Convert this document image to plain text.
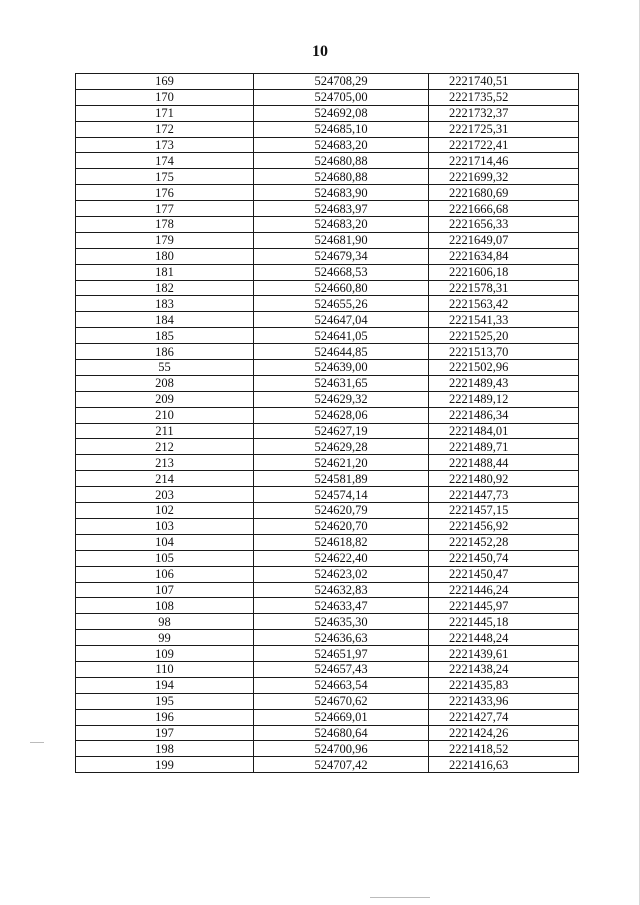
10
169	524708,29	2221740,51
170	524705,00	2221735,52
171	524692,08	2221732,37
172	524685,10	2221725,31
173	524683,20	2221722,41
174	524680,88	2221714,46
175	524680,88	2221699,32
176	524683,90	2221680,69
177	524683,97	2221666,68
178	524683,20	2221656,33
179	524681,90	2221649,07
180	524679,34	2221634,84
181	524668,53	2221606,18
182	524660,80	2221578,31
183	524655,26	2221563,42
184	524647,04	2221541,33
185	524641,05	2221525,20
186	524644,85	2221513,70
55	524639,00	2221502,96
208	524631,65	2221489,43
209	524629,32	2221489,12
210	524628,06	2221486,34
211	524627,19	2221484,01
212	524629,28	2221489,71
213	524621,20	2221488,44
214	524581,89	2221480,92
203	524574,14	2221447,73
102	524620,79	2221457,15
103	524620,70	2221456,92
104	524618,82	2221452,28
105	524622,40	2221450,74
106	524623,02	2221450,47
107	524632,83	2221446,24
108	524633,47	2221445,97
98	524635,30	2221445,18
99	524636,63	2221448,24
109	524651,97	2221439,61
110	524657,43	2221438,24
194	524663,54	2221435,83
195	524670,62	2221433,96
196	524669,01	2221427,74
197	524680,64	2221424,26
198	524700,96	2221418,52
199	524707,42	2221416,63
